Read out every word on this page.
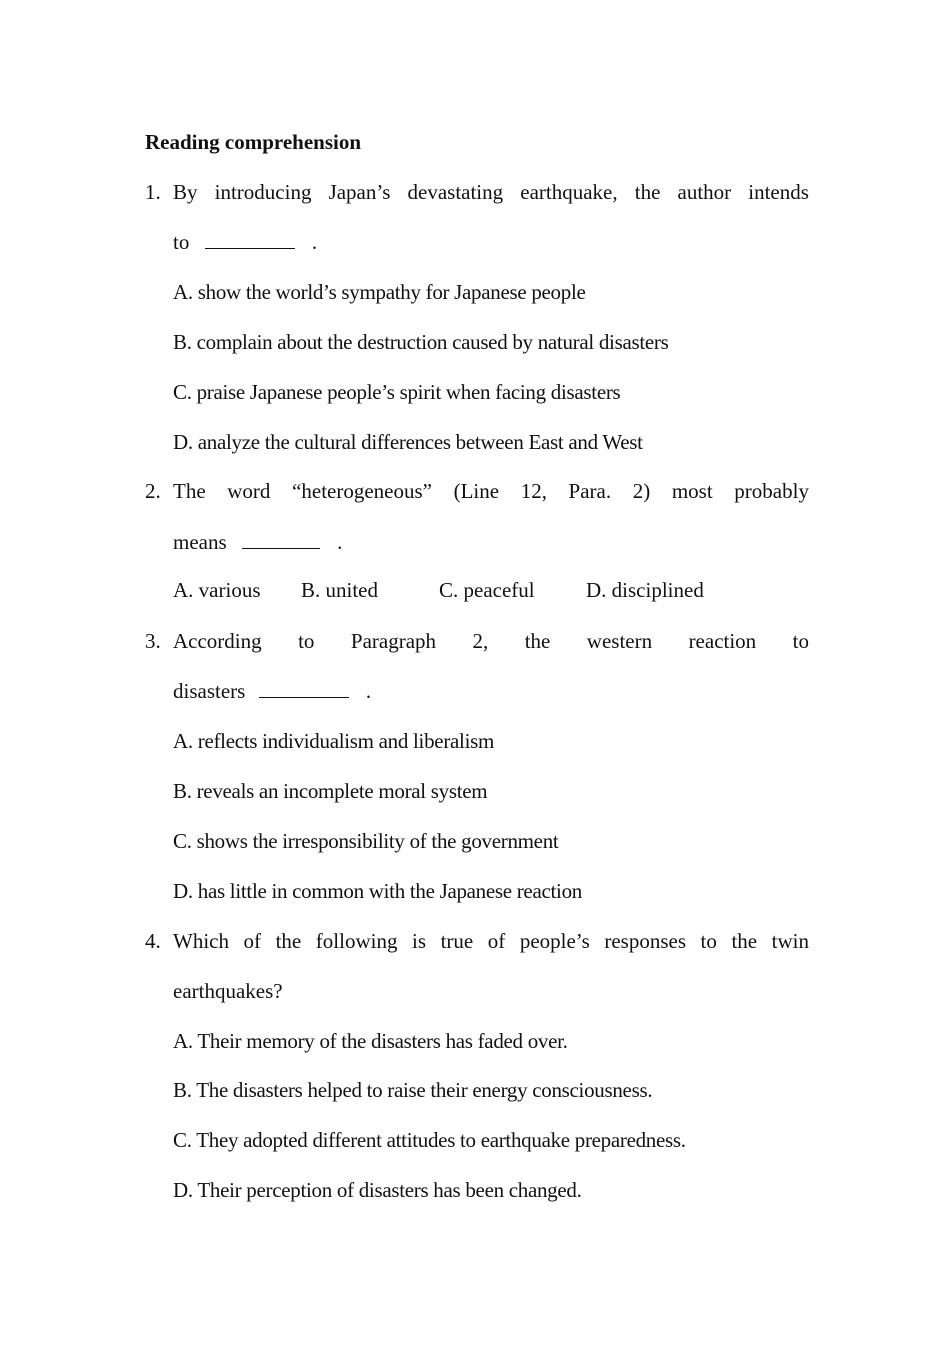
Reading comprehension
1. By introducing Japan’s devastating earthquake, the author intends
to	.
A. show the world’s sympathy for Japanese people
B. complain about the destruction caused by natural disasters
C. praise Japanese people’s spirit when facing disasters
D. analyze the cultural differences between East and West
2. The word “heterogeneous” (Line 12, Para. 2) most probably
means	.
A. various B. united	C. peaceful D. disciplined
3. According to Paragraph 2, the western reaction to
disasters	.
A. reflects individualism and liberalism
B. reveals an incomplete moral system
C. shows the irresponsibility of the government
D. has little in common with the Japanese reaction
4. Which of the following is true of people’s responses to the twin
earthquakes?
A. Their memory of the disasters has faded over.
B. The disasters helped to raise their energy consciousness.
C. They adopted different attitudes to earthquake preparedness.
D. Their perception of disasters has been changed.
